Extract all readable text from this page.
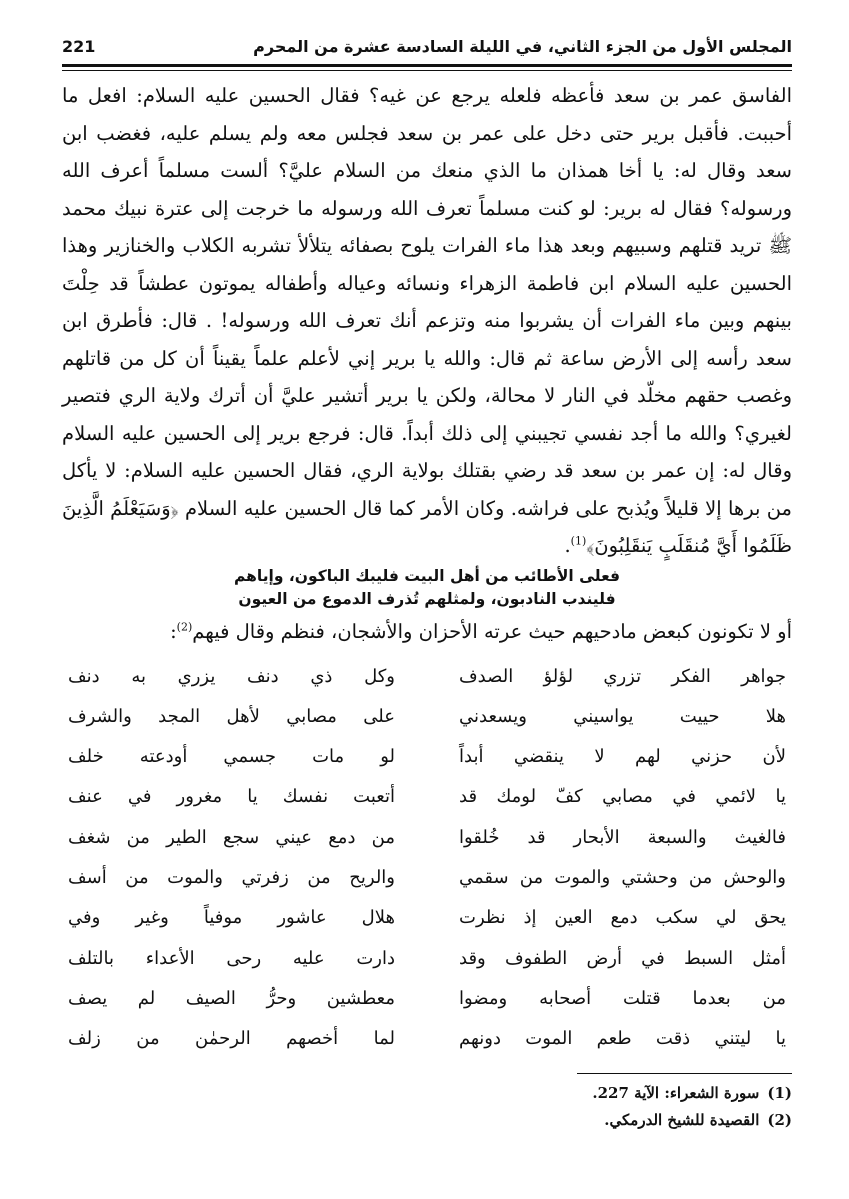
المجلس الأول من الجزء الثاني، في الليلة السادسة عشرة من المحرم
221

الفاسق عمر بن سعد فأعظه فلعله يرجع عن غيه؟ فقال الحسين عليه السلام: افعل ما أحببت. فأقبل برير حتى دخل على عمر بن سعد فجلس معه ولم يسلم عليه، فغضب ابن سعد وقال له: يا أخا همذان ما الذي منعك من السلام عليَّ؟ ألست مسلماً أعرف الله ورسوله؟ فقال له برير: لو كنت مسلماً تعرف الله ورسوله ما خرجت إلى عترة نبيك محمد ﷺ تريد قتلهم وسبيهم وبعد هذا ماء الفرات يلوح بصفائه يتلألأ تشربه الكلاب والخنازير وهذا الحسين عليه السلام ابن فاطمة الزهراء ونسائه وعياله وأطفاله يموتون عطشاً قد حِلْتَ بينهم وبين ماء الفرات أن يشربوا منه وتزعم أنك تعرف الله ورسوله! . قال: فأطرق ابن سعد رأسه إلى الأرض ساعة ثم قال: والله يا برير إني لأعلم علماً يقيناً أن كل من قاتلهم وغصب حقهم مخلّد في النار لا محالة، ولكن يا برير أتشير عليَّ أن أترك ولاية الري فتصير لغيري؟ والله ما أجد نفسي تجيبني إلى ذلك أبداً. قال: فرجع برير إلى الحسين عليه السلام وقال له: إن عمر بن سعد قد رضي بقتلك بولاية الري، فقال الحسين عليه السلام: لا يأكل من برها إلا قليلاً ويُذبح على فراشه. وكان الأمر كما قال الحسين عليه السلام ﴿وَسَيَعْلَمُ الَّذِينَ ظَلَمُوا أَيَّ مُنقَلَبٍ يَنقَلِبُونَ﴾$^{(1)}$.

فعلى الأطائب من أهل البيت فليبك الباكون، وإياهم
فليندب النادبون، ولمثلهم تُذرف الدموع من العيون
أو لا تكونون كبعض مادحيهم حيث عرته الأحزان والأشجان، فنظم وقال فيهم$^{(2)}$:
جواهر الفكر تزري لؤلؤ الصدف
وكل ذي دنف يزري به دنف
هلا حييت يواسيني ويسعدني
على مصابي لأهل المجد والشرف
لأن حزني لهم لا ينقضي أبداً
لو مات جسمي أودعته خلف
يا لائمي في مصابي كفّ لومك قد
أتعبت نفسك يا مغرور في عنف
فالغيث والسبعة الأبحار قد خُلقوا
من دمع عيني سجع الطير من شغف
والوحش من وحشتي والموت من سقمي
والريح من زفرتي والموت من أسف
يحق لي سكب دمع العين إذ نظرت
هلال عاشور موفياً وغير وفي
أمثل السبط في أرض الطفوف وقد
دارت عليه رحى الأعداء بالتلف
من بعدما قتلت أصحابه ومضوا
معطشين وحرُّ الصيف لم يصف
يا ليتني ذقت طعم الموت دونهم
لما أخصهم الرحمٰن من زلف
(1)
سورة الشعراء: الآية 227.
(2)
القصيدة للشيخ الدرمكي.
